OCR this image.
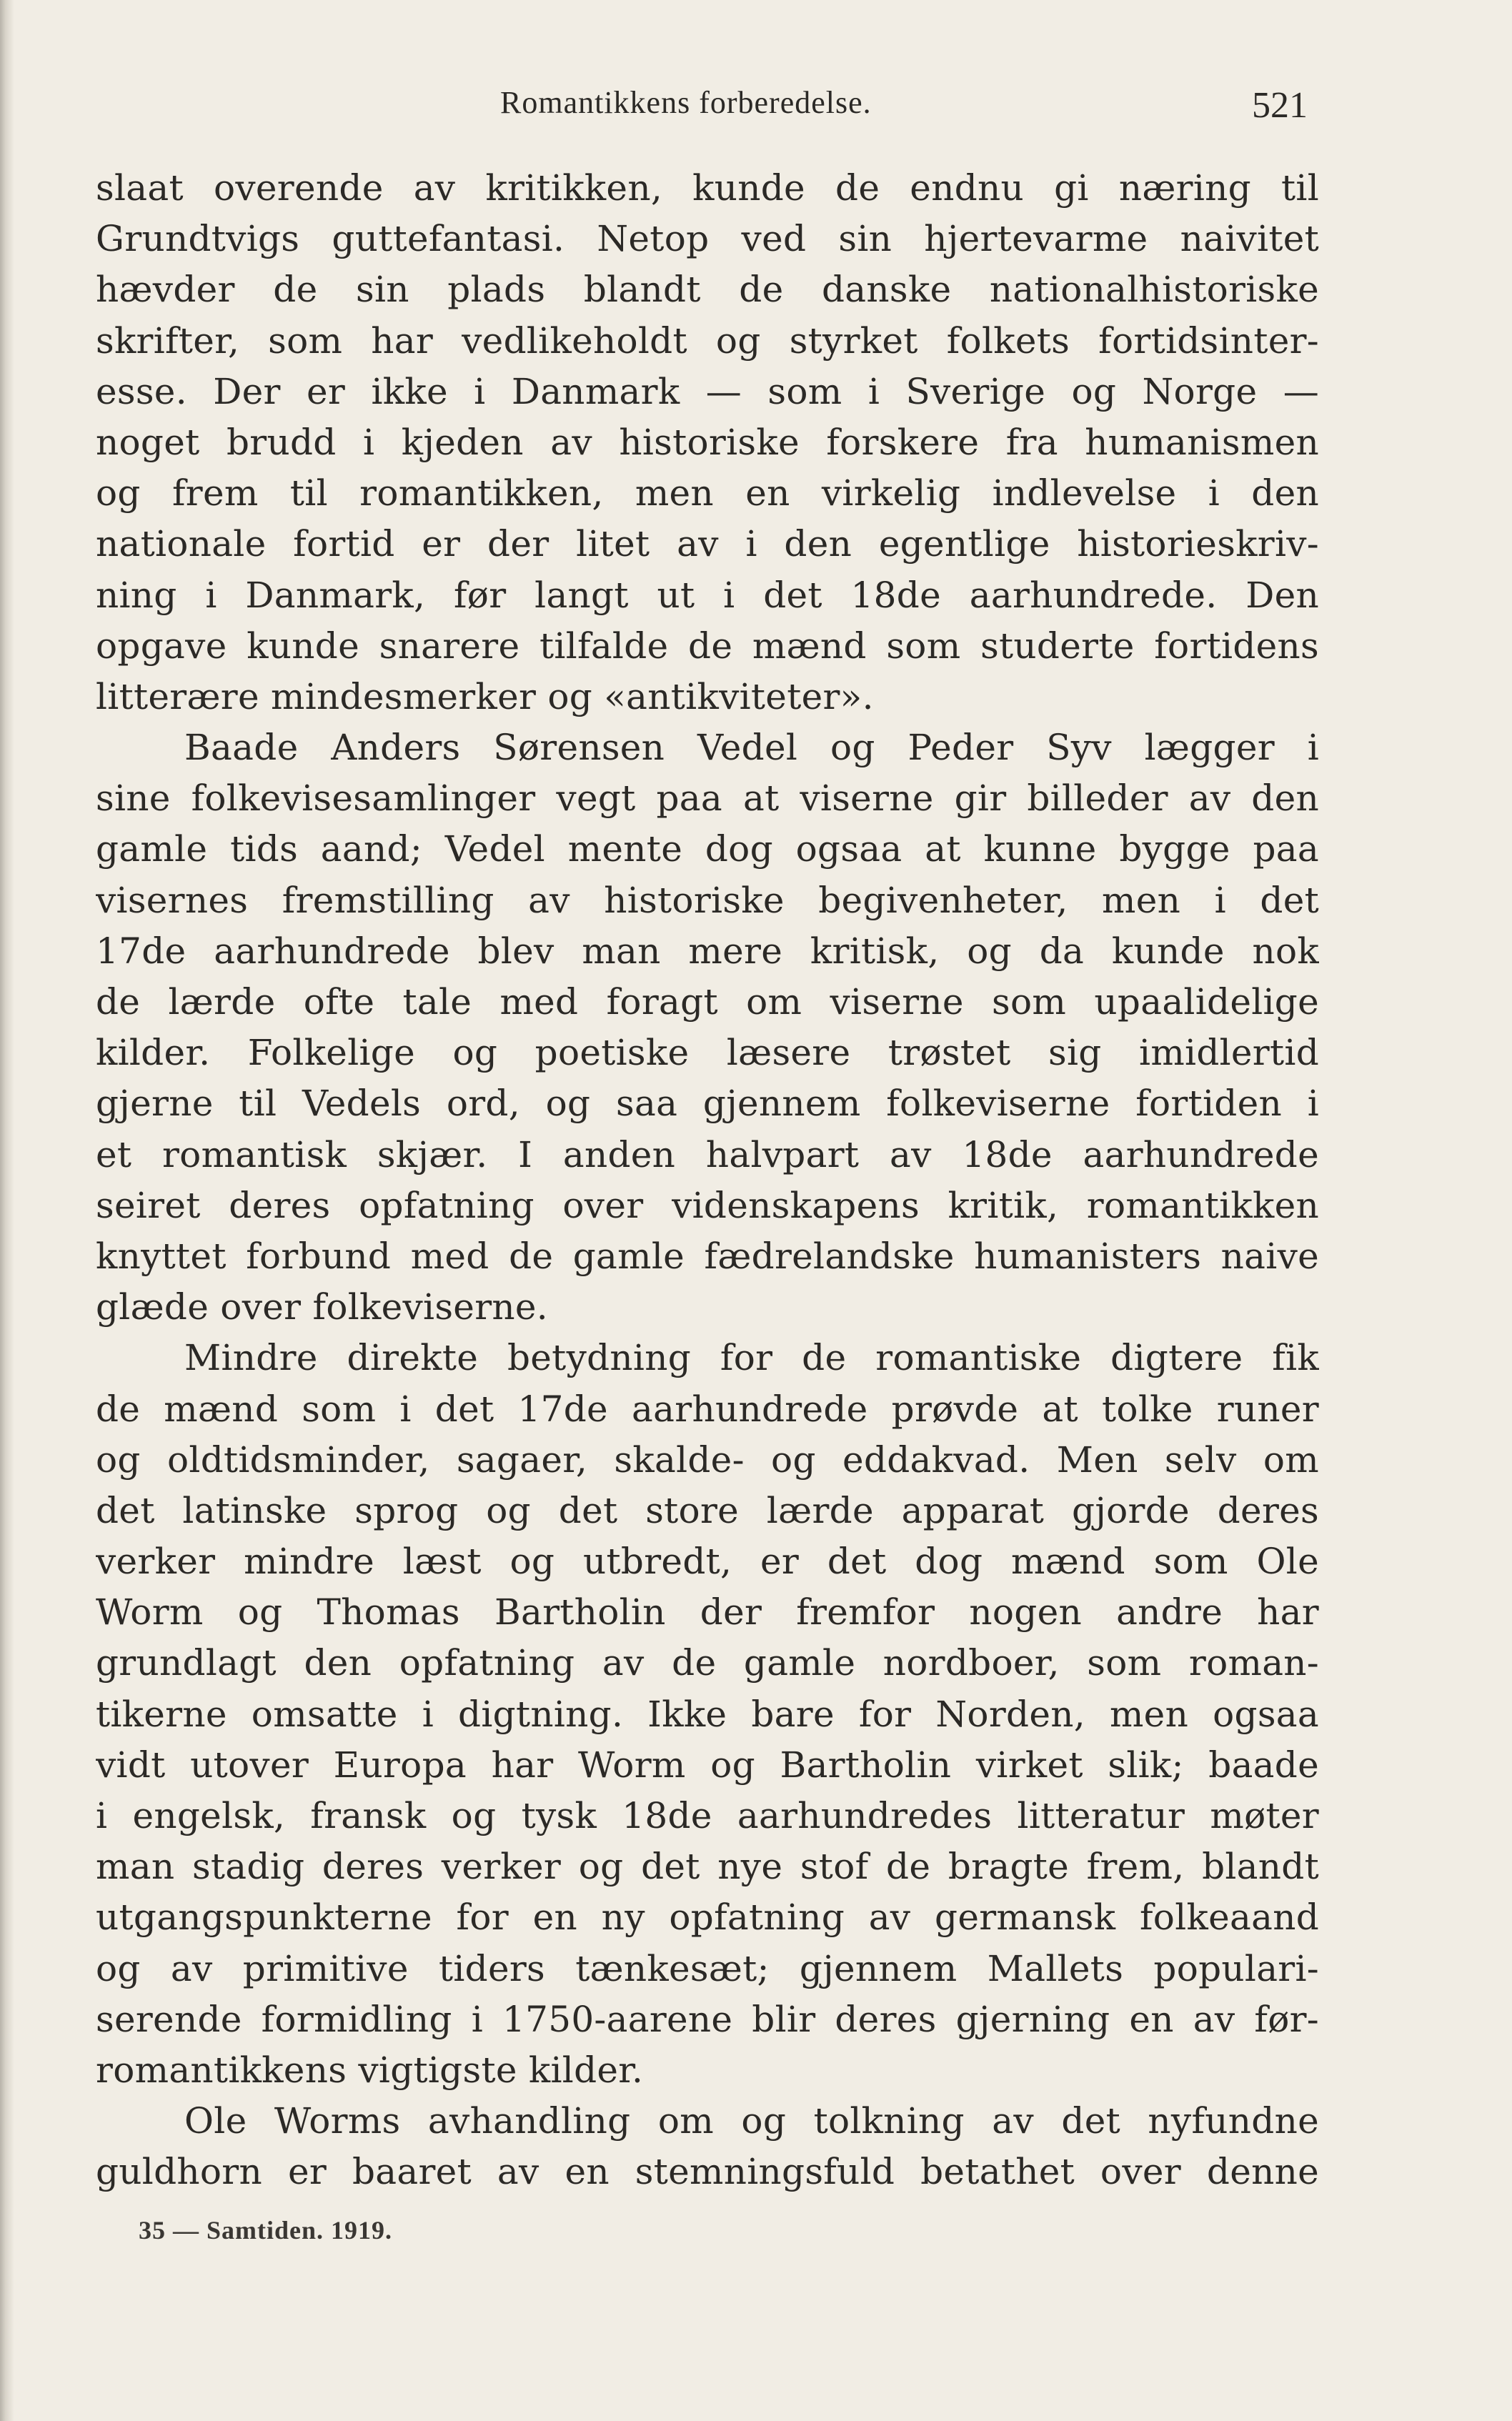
Romantikkens forberedelse.	521
slaat overende av kritikken, kunde de endnu gi næring til
Grundtvigs guttefantasi. Netop ved sin hjertevarme naivitet
hævder de sin plads blandt de danske nationalhistoriske
skrifter, som har vedlikeholdt og styrket folkets fortidsinter-
esse. Der er ikke i Danmark — som i Sverige og Norge —
noget brudd i kjeden av historiske forskere fra humanismen
og frem til romantikken, men en virkelig indlevelse i den
nationale fortid er der litet av i den egentlige historieskriv-
ning i Danmark, før langt ut i det 18de aarhundrede. Den
opgave kunde snarere tilfalde de mænd som studerte fortidens
litterære mindesmerker og «antikviteter».
Baade Anders Sørensen Vedel og Peder Syv lægger i
sine folkevisesamlinger vegt paa at viserne gir billeder av den
gamle tids aand; Vedel mente dog ogsaa at kunne bygge paa
visernes fremstilling av historiske begivenheter, men i det
17de aarhundrede blev man mere kritisk, og da kunde nok
de lærde ofte tale med foragt om viserne som upaalidelige
kilder. Folkelige og poetiske læsere trøstet sig imidlertid
gjerne til Vedels ord, og saa gjennem folkeviserne fortiden i
et romantisk skjær. I anden halvpart av 18de aarhundrede
seiret deres opfatning over videnskapens kritik, romantikken
knyttet forbund med de gamle fædrelandske humanisters naive
glæde over folkeviserne.
Mindre direkte betydning for de romantiske digtere fik
de mænd som i det 17de aarhundrede prøvde at tolke runer
og oldtidsminder, sagaer, skalde- og eddakvad. Men selv om
det latinske sprog og det store lærde apparat gjorde deres
verker mindre læst og utbredt, er det dog mænd som Ole
Worm og Thomas Bartholin der fremfor nogen andre har
grundlagt den opfatning av de gamle nordboer, som roman-
tikerne omsatte i digtning. Ikke bare for Norden, men ogsaa
vidt utover Europa har Worm og Bartholin virket slik; baade
i engelsk, fransk og tysk 18de aarhundredes litteratur møter
man stadig deres verker og det nye stof de bragte frem, blandt
utgangspunkterne for en ny opfatning av germansk folkeaand
og av primitive tiders tænkesæt; gjennem Mallets populari-
serende formidling i 1750-aarene blir deres gjerning en av før-
romantikkens vigtigste kilder.
Ole Worms avhandling om og tolkning av det nyfundne
guldhorn er baaret av en stemningsfuld betathet over denne
35 — Samtiden. 1919.
